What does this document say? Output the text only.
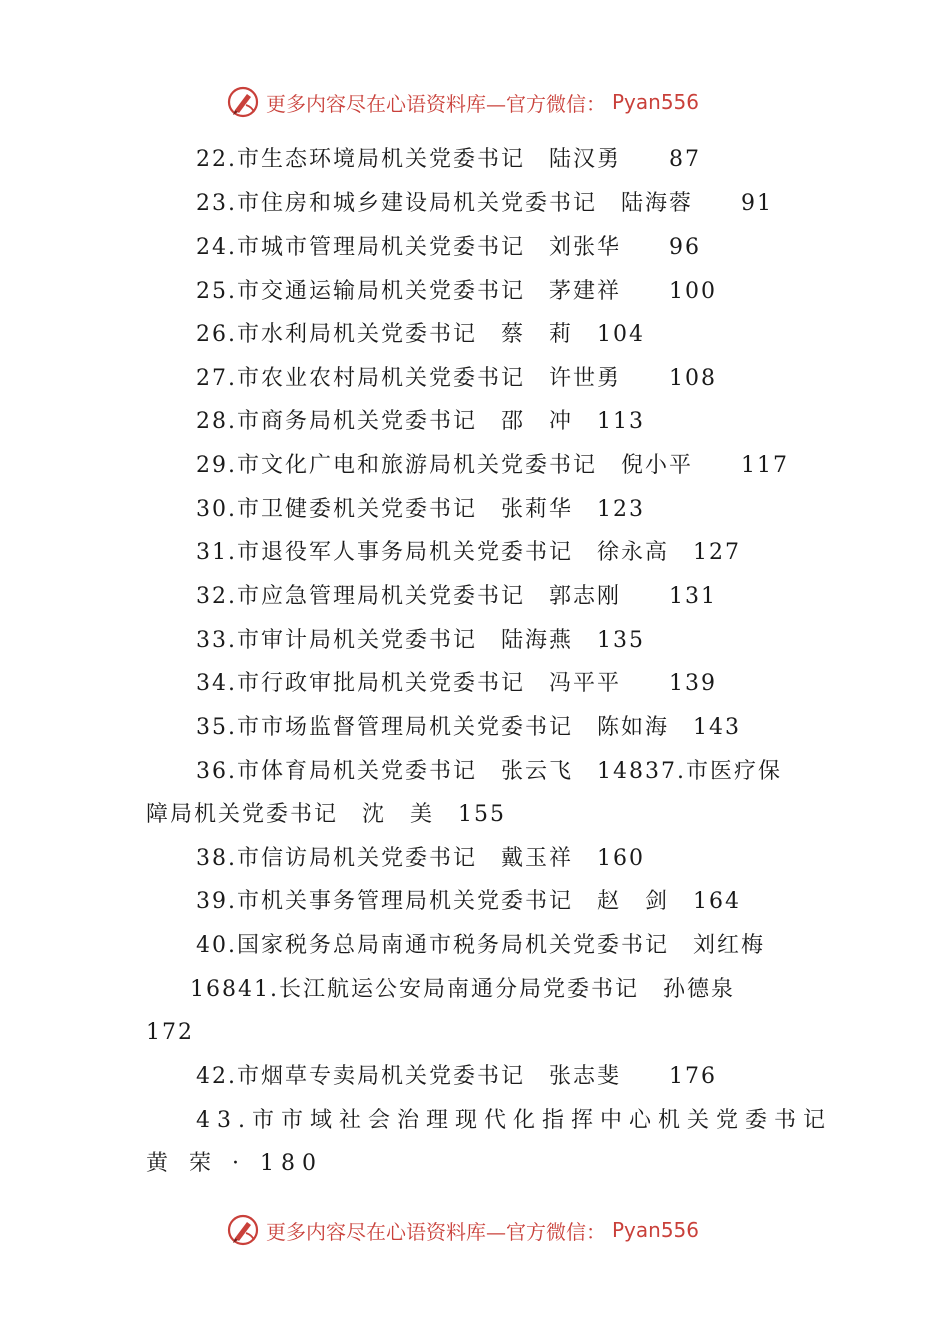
更多内容尽在心语资料库—官方微信： Pyan556
22.市生态环境局机关党委书记　陆汉勇　　87
23.市住房和城乡建设局机关党委书记　陆海蓉　　91
24.市城市管理局机关党委书记　刘张华　　96
25.市交通运输局机关党委书记　茅建祥　　100
26.市水利局机关党委书记　蔡　莉　104
27.市农业农村局机关党委书记　许世勇　　108
28.市商务局机关党委书记　邵　冲　113
29.市文化广电和旅游局机关党委书记　倪小平　　117
30.市卫健委机关党委书记　张莉华　123
31.市退役军人事务局机关党委书记　徐永高　127
32.市应急管理局机关党委书记　郭志刚　　131
33.市审计局机关党委书记　陆海燕　135
34.市行政审批局机关党委书记　冯平平　　139
35.市市场监督管理局机关党委书记　陈如海　143
36.市体育局机关党委书记　张云飞　14837.市医疗保
障局机关党委书记　沈　美　155
38.市信访局机关党委书记　戴玉祥　160
39.市机关事务管理局机关党委书记　赵　剑　164
40.国家税务总局南通市税务局机关党委书记　刘红梅
16841.长江航运公安局南通分局党委书记　孙德泉
172
42.市烟草专卖局机关党委书记　张志斐　　176
43.市市域社会治理现代化指挥中心机关党委书记
黄 荣 · 180
更多内容尽在心语资料库—官方微信： Pyan556
